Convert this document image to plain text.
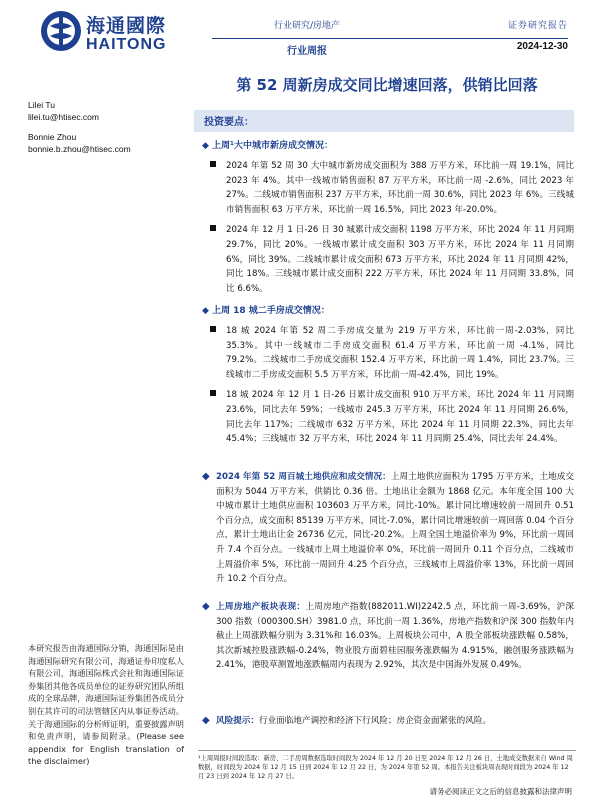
海通國際
HAITONG
行业研究/房地产
行业周报
证券研究报告
2024-12-30
第 52 周新房成交同比增速回落，供销比回落
Lilei Tu
lilei.tu@htisec.com
Bonnie Zhou
bonnie.b.zhou@htisec.com
本研究报告由海通国际分销，海通国际是由海通国际研究有限公司，海通证券印度私人有限公司，海通国际株式会社和海通国际证券集团其他各成员单位的证券研究团队所组成的全球品牌，海通国际证券集团各成员分别在其许可的司法管辖区内从事证券活动。关于海通国际的分析师证明，重要披露声明和免责声明，请参阅附录。(Please see appendix for English translation of the disclaimer)
投资要点：
◆ 上周¹大中城市新房成交情况：
2024 年第 52 周 30 大中城市新房成交面积为 388 万平方米，环比前一周 19.1%，同比 2023 年 4%。其中一线城市销售面积 87 万平方米，环比前一周 -2.6%，同比 2023 年 27%。二线城市销售面积 237 万平方米，环比前一周 30.6%，同比 2023 年 6%。三线城市销售面积 63 万平方米，环比前一周 16.5%，同比 2023 年-20.0%。
2024 年 12 月 1 日-26 日 30 城累计成交面积 1198 万平方米，环比 2024 年 11 月同期 29.7%，同比 20%。一线城市累计成交面积 303 万平方米，环比 2024 年 11 月同期 6%，同比 39%。二线城市累计成交面积 673 万平方米，环比 2024 年 11 月同期 42%，同比 18%。三线城市累计成交面积 222 万平方米，环比 2024 年 11 月同期 33.8%，同比 6.6%。
◆ 上周 18 城二手房成交情况：
18 城 2024 年第 52 周二手房成交量为 219 万平方米，环比前一周-2.03%，同比 35.3%。其中一线城市二手房成交面积 61.4 万平方米，环比前一周 -4.1%，同比 79.2%。二线城市二手房成交面积 152.4 万平方米，环比前一周 1.4%，同比 23.7%。三线城市二手房成交面积 5.5 万平方米，环比前一周-42.4%，同比 19%。
18 城 2024 年 12 月 1 日-26 日累计成交面积 910 万平方米，环比 2024 年 11 月同期 23.6%，同比去年 59%；一线城市 245.3 万平方米，环比 2024 年 11 月同期 26.6%，同比去年 117%；二线城市 632 万平方米，环比 2024 年 11 月同期 22.3%，同比去年 45.4%；三线城市 32 万平方米，环比 2024 年 11 月同期 25.4%，同比去年 24.4%。
◆ 2024 年第 52 周百城土地供应和成交情况：上周土地供应面积为 1795 万平方米，土地成交面积为 5044 万平方米，供销比 0.36 倍。土地出让金额为 1868 亿元。本年度全国 100 大中城市累计土地供应面积 103603 万平方米，同比-10%。累计同比增速较前一周回升 0.51 个百分点，成交面积 85139 万平方米，同比-7.0%，累计同比增速较前一周回落 0.04 个百分点，累计土地出让金 26736 亿元，同比-20.2%。上周全国土地溢价率为 9%，环比前一周回升 7.4 个百分点。一线城市上周土地溢价率 0%，环比前一周回升 0.11 个百分点，二线城市上周溢价率 5%，环比前一周回升 4.25 个百分点，三线城市上周溢价率 13%，环比前一周回升 10.2 个百分点。
◆ 上周房地产板块表现：上周房地产指数(882011.WI)2242.5 点，环比前一周-3.69%，沪深 300 指数（000300.SH）3981.0 点，环比前一周 1.36%，房地产指数和沪深 300 指数年内截止上周涨跌幅分别为 3.31%和 16.03%。上周板块公司中，A 股全部板块涨跌幅 0.58%，其次新城控股涨跌幅-0.24%，物业股方面碧桂园服务涨跌幅为 4.915%，融创服务涨跌幅为 2.41%，港股草测置地涨跌幅周内表现为 2.92%，其次是中国海外发展 0.49%。
◆ 风险提示：行业面临地产调控和经济下行风险；房企资金面紧张的风险。
¹上周周报时间段选取：新房、二手房周数据选取时间段为 2024 年 12 月 20 日至 2024 年 12 月 26 日，土地成交数据来自 Wind 周数据，时间段为 2024 年 12 月 15 日到 2024 年 12 月 22 日，为 2024 年第 52 周。本报告关注板块周表现时间段为 2024 年 12 月 23 日到 2024 年 12 月 27 日。
请务必阅读正文之后的信息披露和法律声明
